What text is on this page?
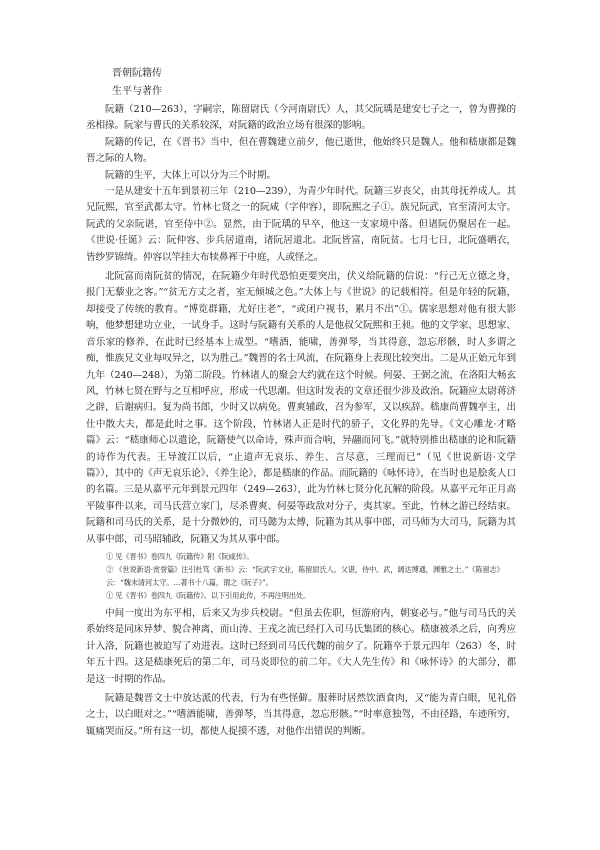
晋朝阮籍传
生平与著作

阮籍（210—263），字嗣宗，陈留尉氏（今河南尉氏）人，其父阮瑀是建安七子之一，曾为曹操的丞相掾。阮家与曹氏的关系较深，对阮籍的政治立场有很深的影响。

阮籍的传记，在《晋书》当中，但在曹魏建立前夕，他已逝世，他始终只是魏人。他和嵇康都是魏晋之际的人物。

阮籍的生平，大体上可以分为三个时期。

一是从建安十五年到景初三年（210—239），为青少年时代。阮籍三岁丧父，由其母抚养成人。其兄阮熙，官至武都太守。竹林七贤之一的阮咸（字仲容），即阮熙之子①。族兄阮武，官至清河太守。阮武的父亲阮谌，官至侍中②。显然，由于阮瑀的早卒，他这一支家境中落。但诸阮仍聚居在一起。《世说·任诞》云：阮仲容、步兵居道南，诸阮居道北。北阮皆富，南阮贫。七月七日，北阮盛晒衣，皆纱罗锦绮。仲容以竿挂大布犊鼻裈于中庭，人或怪之。

北阮富而南阮贫的情况，在阮籍少年时代恐怕更要突出，伏义给阮籍的信说：“行己无立德之身，报门无藜业之客。”“贫无方丈之者，室无倾城之色。”大体上与《世说》的记载相符。但是年轻的阮籍，却接受了传统的教育。“博览群籍，尤好庄老”，“或闭户视书，累月不出”①。儒家思想对他有很大影响，他梦想建功立业，一试身手。这时与阮籍有关系的人是他叔父阮熙和王昶。他的文学家、思想家、音乐家的修养，在此时已经基本上成型。“嗜酒，能啸，善弹琴，当其得意，忽忘形骸，时人多谓之痴，惟族兄文业每叹异之，以为胜己。”魏晋的名士风流，在阮籍身上表现比较突出。二是从正始元年到九年（240—248），为第二阶段。竹林诸人的聚会大约就在这个时候。何晏、王弼之流，在洛阳大畅玄风，竹林七贤在野与之互相呼应，形成一代思潮。但这时发表的文章还很少涉及政治。阮籍应太尉蒋济之辟，后谢病归。复为尚书郎，少时又以病免。曹爽辅政，召为参军，又以疾辞。嵇康尚曹魏亭主，出仕中散大夫，都是此时之事。这个阶段，竹林诸人正是时代的骄子，文化界的先导。《文心雕龙·才略篇》云：“嵇康师心以遣论，阮籍使气以命诗，殊声而合响，异翮而同飞。”就特别推出嵇康的论和阮籍的诗作为代表。王导渡江以后，“止道声无哀乐、养生、言尽意，三理而已”（见《世说新语·文学篇》），其中的《声无哀乐论》、《养生论》，都是嵇康的作品。而阮籍的《咏怀诗》，在当时也是脍炙人口的名篇。三是从嘉平元年到景元四年（249—263），此为竹林七贤分化瓦解的阶段。从嘉平元年正月高平陵事件以来，司马氏营立家门，尽杀曹爽、何晏等政敌对分子，夷其家。至此，竹林之游已经结束。阮籍和司马氏的关系，是十分微妙的，司马懿为太傅，阮籍为其从事中郎，司马师为大司马，阮籍为其从事中郎，司马昭辅政，阮籍又为其从事中郎。

① 见《晋书》卷四九《阮籍传》附《阮咸传》。

② 《世说新语·赏誉篇》注引杜笃《新书》云：“阮武字文业，陈留尉氏人。父谌，侍中。武，阔达博通，渊雅之士。”《陈留志》云：“魏末清河太守。…著书十八篇，谓之《阮子》”。

① 见《晋书》卷四九《阮籍传》。以下引用此传，不再注明出处。

中间一度出为东平相，后来又为步兵校尉。“但虽去佐职，恒游府内，朝宴必与。”他与司马氏的关系始终是同床异梦、貌合神离，而山涛、王戎之流已经打入司马氏集团的核心。嵇康被杀之后，向秀应计入洛，阮籍也被迫写了劝进表。这时已经到司马氏代魏的前夕了。阮籍卒于景元四年（263）冬，时年五十四。这是嵇康死后的第二年，司马炎即位的前二年。《大人先生传》和《咏怀诗》的大部分，都是这一时期的作品。

阮籍是魏晋文士中放达派的代表，行为有些怪僻。服葬时居然饮酒食肉，又“能为青白眼，见礼俗之士，以白眼对之。”“嗜酒能啸，善弹琴，当其得意，忽忘形骸。”“时率意独驾，不由径路，车迹所穷，辄痛哭而反。”所有这一切，都使人捉摸不透，对他作出错误的判断。
